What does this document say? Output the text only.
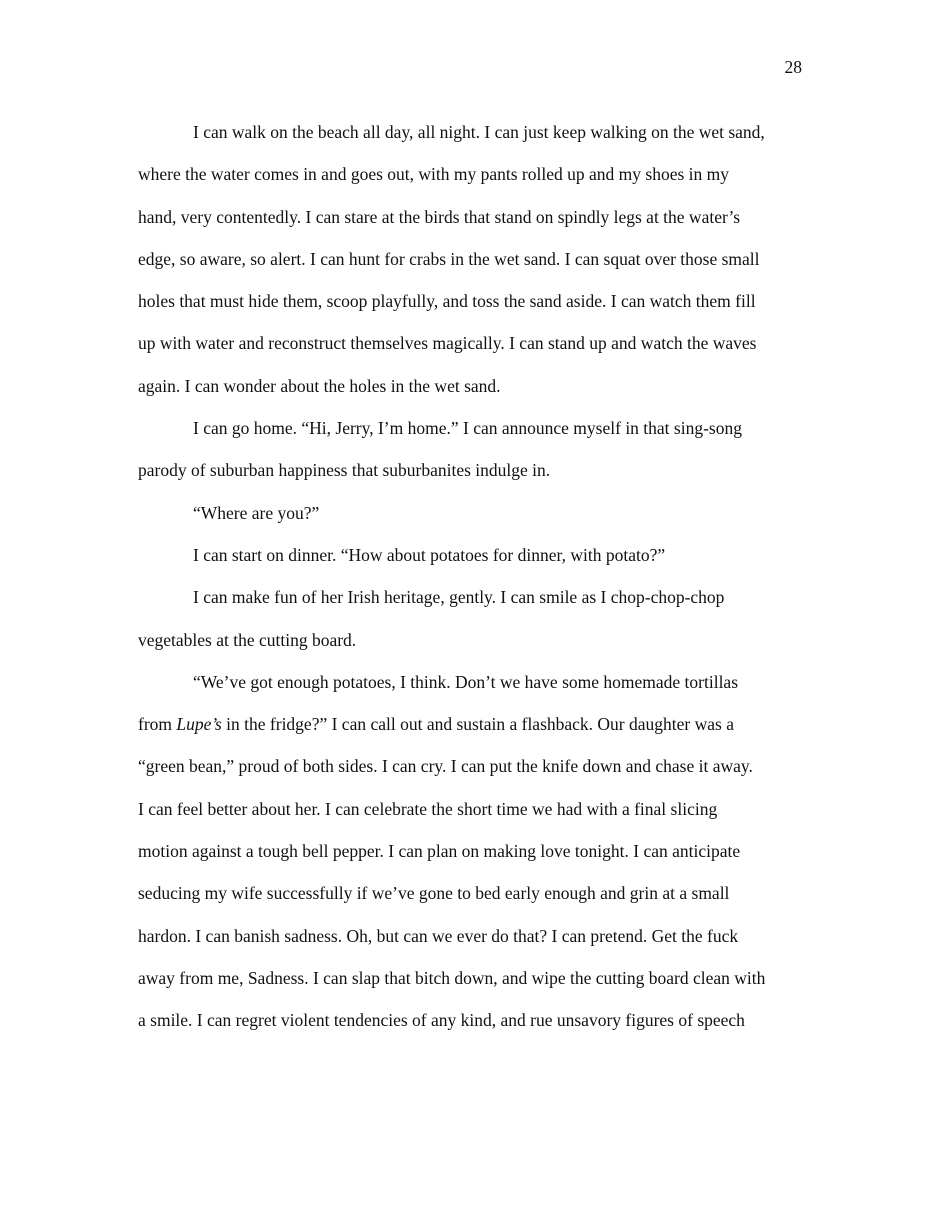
28

I can walk on the beach all day, all night. I can just keep walking on the wet sand,
where the water comes in and goes out, with my pants rolled up and my shoes in my
hand, very contentedly. I can stare at the birds that stand on spindly legs at the water’s
edge, so aware, so alert. I can hunt for crabs in the wet sand. I can squat over those small
holes that must hide them, scoop playfully, and toss the sand aside. I can watch them fill
up with water and reconstruct themselves magically. I can stand up and watch the waves
again. I can wonder about the holes in the wet sand.

I can go home. “Hi, Jerry, I’m home.” I can announce myself in that sing-song
parody of suburban happiness that suburbanites indulge in.

“Where are you?”

I can start on dinner. “How about potatoes for dinner, with potato?”

I can make fun of her Irish heritage, gently. I can smile as I chop-chop-chop
vegetables at the cutting board.

“We’ve got enough potatoes, I think. Don’t we have some homemade tortillas
from Lupe’s in the fridge?” I can call out and sustain a flashback. Our daughter was a
“green bean,” proud of both sides. I can cry. I can put the knife down and chase it away.
I can feel better about her. I can celebrate the short time we had with a final slicing
motion against a tough bell pepper. I can plan on making love tonight. I can anticipate
seducing my wife successfully if we’ve gone to bed early enough and grin at a small
hardon. I can banish sadness. Oh, but can we ever do that? I can pretend. Get the fuck
away from me, Sadness. I can slap that bitch down, and wipe the cutting board clean with
a smile. I can regret violent tendencies of any kind, and rue unsavory figures of speech
